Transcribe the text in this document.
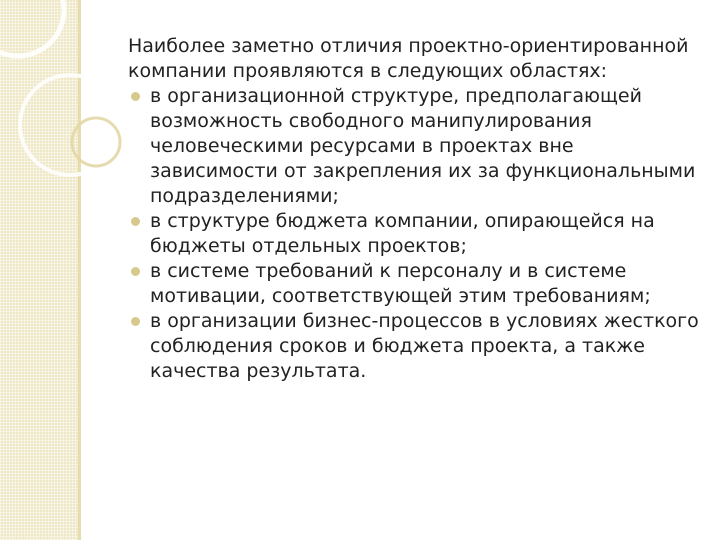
Наиболее заметно отличия проектно-ориентированной компании проявляются в следующих областях:

в организационной структуре, предполагающей возможность свободного манипулирования человеческими ресурсами в проектах вне зависимости от закрепления их за функциональными подразделениями;
в структуре бюджета компании, опирающейся на бюджеты отдельных проектов;
в системе требований к персоналу и в системе мотивации, соответствующей этим требованиям;
в организации бизнес-процессов в условиях жесткого соблюдения сроков и бюджета проекта, а также качества результата.
